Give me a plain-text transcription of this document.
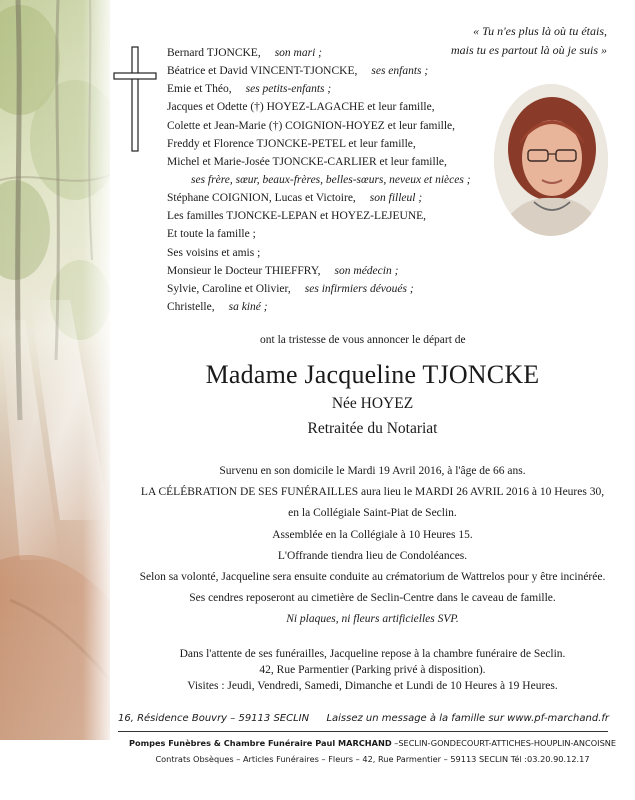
« Tu n'es plus là où tu étais,
mais tu es partout là où je suis »
Bernard TJONCKE, son mari ;
Béatrice et David VINCENT-TJONCKE, ses enfants ;
Emie et Théo, ses petits-enfants ;
Jacques et Odette (†) HOYEZ-LAGACHE et leur famille,
Colette et Jean-Marie (†) COIGNION-HOYEZ et leur famille,
Freddy et Florence TJONCKE-PETEL et leur famille,
Michel et Marie-Josée TJONCKE-CARLIER et leur famille,
ses frère, sœur, beaux-frères, belles-sœurs, neveux et nièces ;
Stéphane COIGNION, Lucas et Victoire, son filleul ;
Les familles TJONCKE-LEPAN et HOYEZ-LEJEUNE,
Et toute la famille ;
Ses voisins et amis ;
Monsieur le Docteur THIEFFRY, son médecin ;
Sylvie, Caroline et Olivier, ses infirmiers dévoués ;
Christelle, sa kiné ;
ont la tristesse de vous annoncer le départ de
Madame Jacqueline TJONCKE
Née HOYEZ
Retraitée du Notariat
Survenu en son domicile le Mardi 19 Avril 2016, à l'âge de 66 ans.
LA CÉLÉBRATION DE SES FUNÉRAILLES aura lieu le MARDI 26 AVRIL 2016 à 10 Heures 30,
en la Collégiale Saint-Piat de Seclin.
Assemblée en la Collégiale à 10 Heures 15.
L'Offrande tiendra lieu de Condoléances.
Selon sa volonté, Jacqueline sera ensuite conduite au crématorium de Wattrelos pour y être incinérée.
Ses cendres reposeront au cimetière de Seclin-Centre dans le caveau de famille.
Ni plaques, ni fleurs artificielles SVP.
Dans l'attente de ses funérailles, Jacqueline repose à la chambre funéraire de Seclin.
42, Rue Parmentier (Parking privé à disposition).
Visites : Jeudi, Vendredi, Samedi, Dimanche et Lundi de 10 Heures à 19 Heures.
16, Résidence Bouvry – 59113 SECLIN Laissez un message à la famille sur www.pf-marchand.fr
Pompes Funèbres & Chambre Funéraire Paul MARCHAND –SECLIN-GONDECOURT-ATTICHES-HOUPLIN-ANCOISNE
Contrats Obsèques – Articles Funéraires – Fleurs – 42, Rue Parmentier – 59113 SECLIN Tél :03.20.90.12.17
